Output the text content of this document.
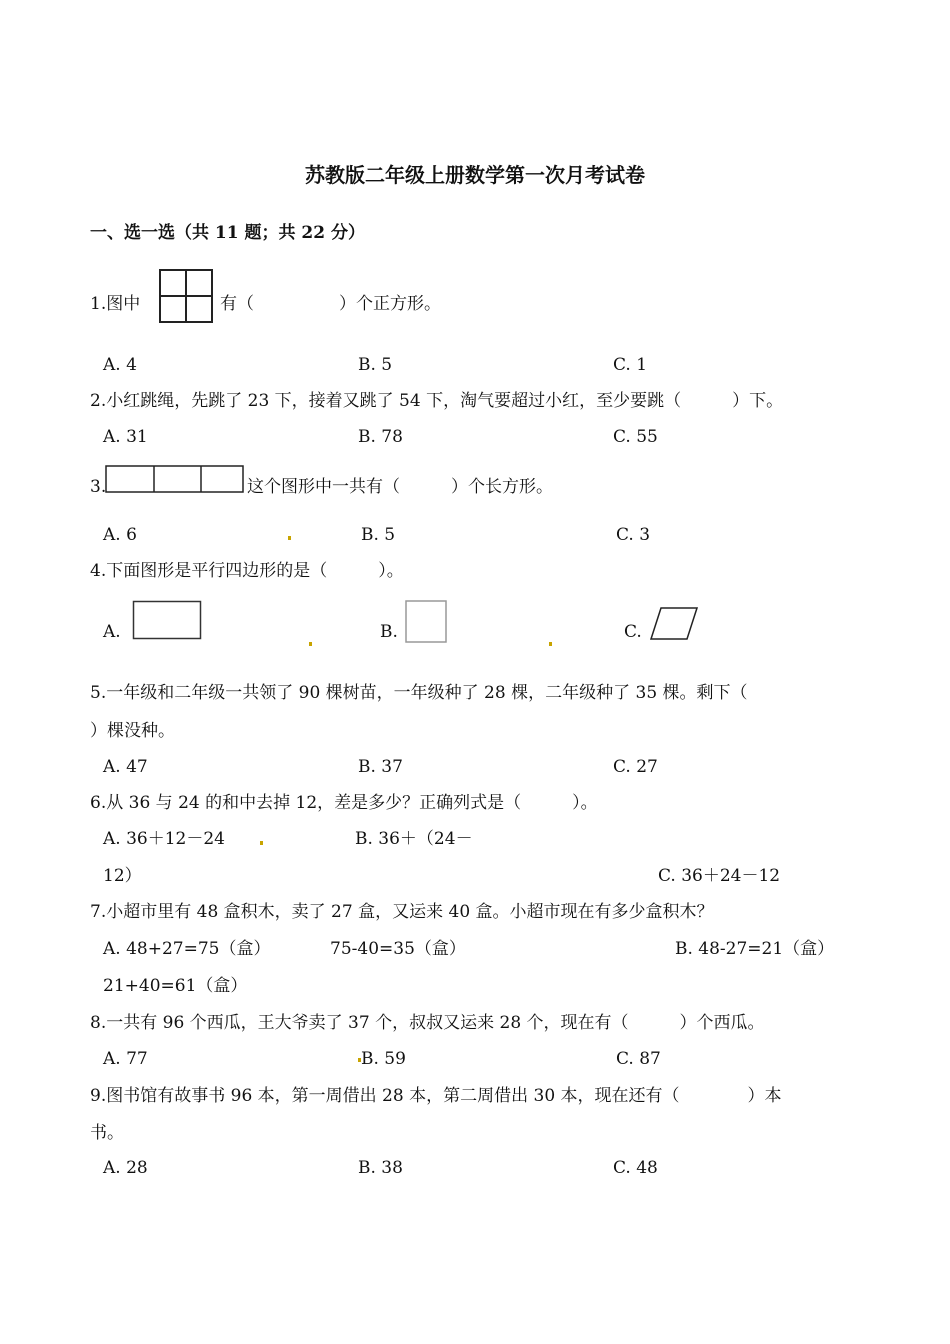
苏教版二年级上册数学第一次月考试卷
一、选一选（共 11 题；共 22 分）
1.图中	有（　　　　　）个正方形。
A. 4	B. 5	C. 1
2.小红跳绳，先跳了 23 下，接着又跳了 54 下，淘气要超过小红，至少要跳（　　　）下。
A. 31	B. 78	C. 55
3.	这个图形中一共有（　　　）个长方形。
A. 6	B. 5	C. 3
4.下面图形是平行四边形的是（　　　）。
A.	B.	C.
5.一年级和二年级一共领了 90 棵树苗，一年级种了 28 棵，二年级种了 35 棵。剩下（
）棵没种。
A. 47	B. 37	C. 27
6.从 36 与 24 的和中去掉 12，差是多少？正确列式是（　　　）。
A. 36＋12－24	B. 36＋（24－
12）	C. 36＋24－12
7.小超市里有 48 盒积木，卖了 27 盒，又运来 40 盒。小超市现在有多少盒积木？
A. 48+27=75（盒）	75-40=35（盒）	B. 48-27=21（盒）
21+40=61（盒）
8.一共有 96 个西瓜，王大爷卖了 37 个，叔叔又运来 28 个，现在有（　　　）个西瓜。
A. 77	B. 59	C. 87
9.图书馆有故事书 96 本，第一周借出 28 本，第二周借出 30 本，现在还有（　　　　）本
书。
A. 28	B. 38	C. 48
